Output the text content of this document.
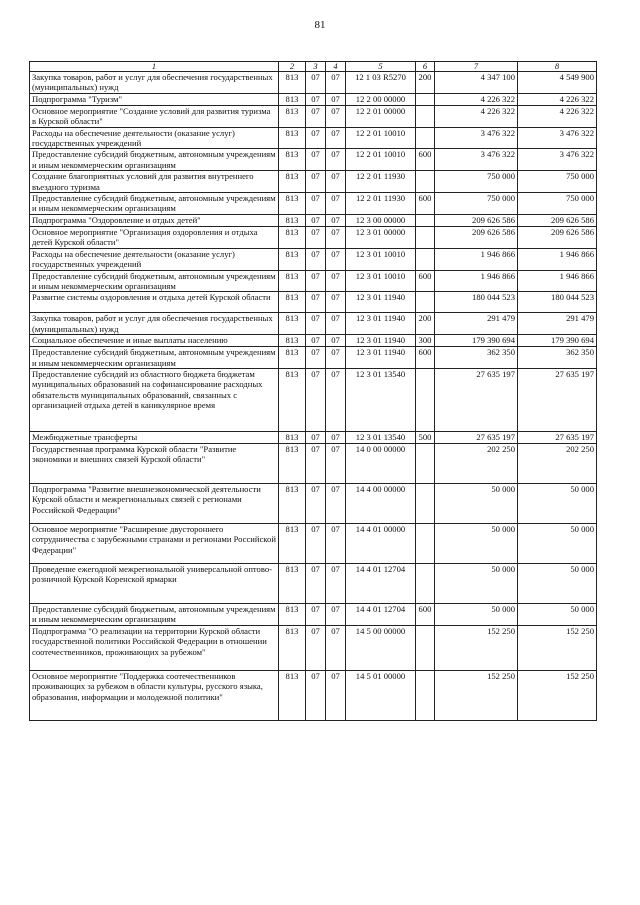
81
1	2	3	4	5	6	7	8
Закупка товаров, работ и услуг для обеспечения государственных (муниципальных) нужд	813	07	07	12 1 03 R5270	200	4 347 100	4 549 900
Подпрограмма "Туризм"	813	07	07	12 2 00 00000		4 226 322	4 226 322
Основное мероприятие "Создание условий для развития туризма в Курской области"	813	07	07	12 2 01 00000		4 226 322	4 226 322
Расходы на обеспечение деятельности (оказание услуг) государственных учреждений	813	07	07	12 2 01 10010		3 476 322	3 476 322
Предоставление субсидий бюджетным, автономным учреждениям и иным некоммерческим организациям	813	07	07	12 2 01 10010	600	3 476 322	3 476 322
Создание благоприятных условий для развития внутреннего въездного туризма	813	07	07	12 2 01 11930		750 000	750 000
Предоставление субсидий бюджетным, автономным учреждениям и иным некоммерческим организациям	813	07	07	12 2 01 11930	600	750 000	750 000
Подпрограмма "Оздоровление и отдых детей"	813	07	07	12 3 00 00000		209 626 586	209 626 586
Основное мероприятие "Организация оздоровления и отдыха детей Курской области"	813	07	07	12 3 01 00000		209 626 586	209 626 586
Расходы на обеспечение деятельности (оказание услуг) государственных учреждений	813	07	07	12 3 01 10010		1 946 866	1 946 866
Предоставление субсидий бюджетным, автономным учреждениям и иным некоммерческим организациям	813	07	07	12 3 01 10010	600	1 946 866	1 946 866
Развитие системы оздоровления и отдыха детей Курской области	813	07	07	12 3 01 11940		180 044 523	180 044 523
Закупка товаров, работ и услуг для обеспечения государственных (муниципальных) нужд	813	07	07	12 3 01 11940	200	291 479	291 479
Социальное обеспечение и иные выплаты населению	813	07	07	12 3 01 11940	300	179 390 694	179 390 694
Предоставление субсидий бюджетным, автономным учреждениям и иным некоммерческим организациям	813	07	07	12 3 01 11940	600	362 350	362 350
Предоставление субсидий из областного бюджета бюджетам муниципальных образований на софинансирование расходных обязательств муниципальных образований, связанных с организацией отдыха детей в каникулярное время	813	07	07	12 3 01 13540		27 635 197	27 635 197
Межбюджетные трансферты	813	07	07	12 3 01 13540	500	27 635 197	27 635 197
Государственная программа Курской области "Развитие экономики и внешних связей Курской области"	813	07	07	14 0 00 00000		202 250	202 250
Подпрограмма "Развитие внешнеэкономической деятельности Курской области и межрегиональных связей с регионами Российской Федерации"	813	07	07	14 4 00 00000		50 000	50 000
Основное мероприятие "Расширение двустороннего сотрудничества с зарубежными странами и регионами Российской Федерации"	813	07	07	14 4 01 00000		50 000	50 000
Проведение ежегодной межрегиональной универсальной оптово-розничной Курской Коренской ярмарки	813	07	07	14 4 01 12704		50 000	50 000
Предоставление субсидий бюджетным, автономным учреждениям и иным некоммерческим организациям	813	07	07	14 4 01 12704	600	50 000	50 000
Подпрограмма "О реализации на территории Курской области государственной политики Российской Федерации в отношении соотечественников, проживающих за рубежом"	813	07	07	14 5 00 00000		152 250	152 250
Основное мероприятие "Поддержка соотечественников проживающих за рубежом в области культуры, русского языка, образования, информации и молодежной политики"	813	07	07	14 5 01 00000		152 250	152 250
